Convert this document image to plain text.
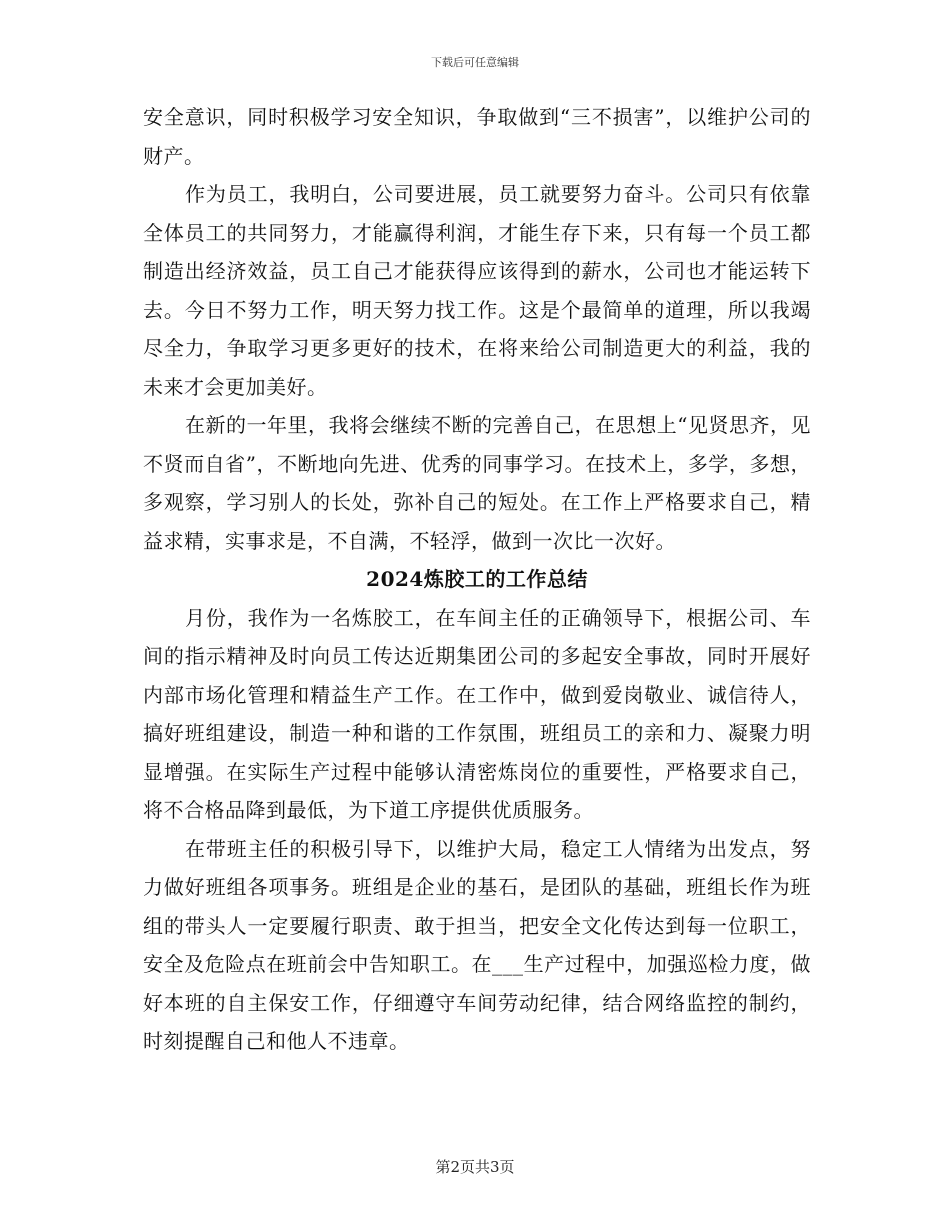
下载后可任意编辑

安全意识，同时积极学习安全知识，争取做到“三不损害”，以维护公司的财产。

作为员工，我明白，公司要进展，员工就要努力奋斗。公司只有依靠全体员工的共同努力，才能赢得利润，才能生存下来，只有每一个员工都制造出经济效益，员工自己才能获得应该得到的薪水，公司也才能运转下去。今日不努力工作，明天努力找工作。这是个最简单的道理，所以我竭尽全力，争取学习更多更好的技术，在将来给公司制造更大的利益，我的未来才会更加美好。

在新的一年里，我将会继续不断的完善自己，在思想上“见贤思齐，见不贤而自省”，不断地向先进、优秀的同事学习。在技术上，多学，多想，多观察，学习别人的长处，弥补自己的短处。在工作上严格要求自己，精益求精，实事求是，不自满，不轻浮，做到一次比一次好。

2024炼胶工的工作总结

月份，我作为一名炼胶工，在车间主任的正确领导下，根据公司、车间的指示精神及时向员工传达近期集团公司的多起安全事故，同时开展好内部市场化管理和精益生产工作。在工作中，做到爱岗敬业、诚信待人，搞好班组建设，制造一种和谐的工作氛围，班组员工的亲和力、凝聚力明显增强。在实际生产过程中能够认清密炼岗位的重要性，严格要求自己，将不合格品降到最低，为下道工序提供优质服务。

在带班主任的积极引导下，以维护大局，稳定工人情绪为出发点，努力做好班组各项事务。班组是企业的基石，是团队的基础，班组长作为班组的带头人一定要履行职责、敢于担当，把安全文化传达到每一位职工，安全及危险点在班前会中告知职工。在___生产过程中，加强巡检力度，做好本班的自主保安工作，仔细遵守车间劳动纪律，结合网络监控的制约，时刻提醒自己和他人不违章。

第2页共3页
